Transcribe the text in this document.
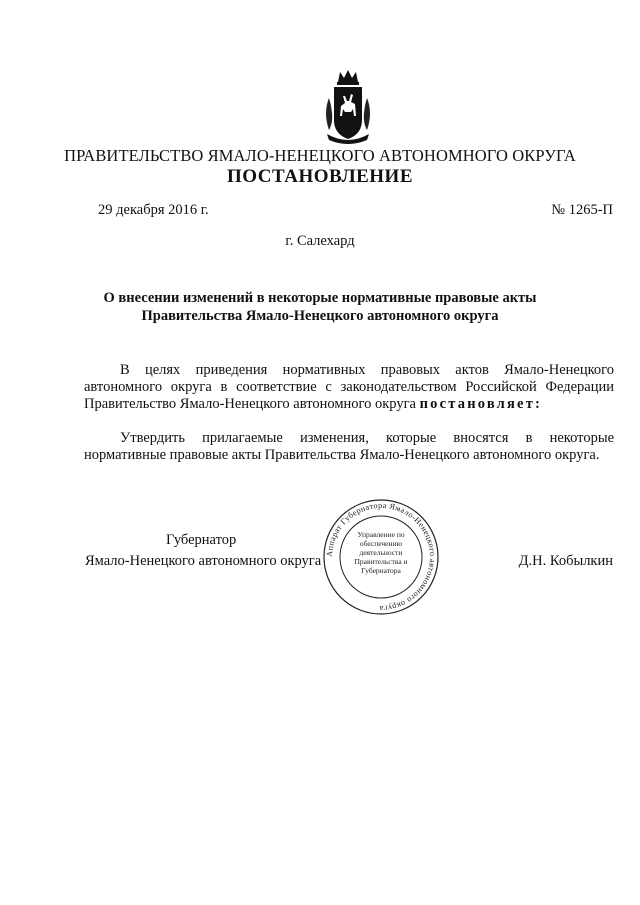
ПРАВИТЕЛЬСТВО ЯМАЛО-НЕНЕЦКОГО АВТОНОМНОГО ОКРУГА
ПОСТАНОВЛЕНИЕ
29 декабря 2016 г.	№ 1265-П
г. Салехард
О внесении изменений в некоторые нормативные правовые акты
Правительства Ямало-Ненецкого автономного округа
В целях приведения нормативных правовых актов Ямало-Ненецкого автономного округа в соответствие с законодательством Российской Федерации Правительство Ямало-Ненецкого автономного округа постановляет:
Утвердить прилагаемые изменения, которые вносятся в некоторые нормативные правовые акты Правительства Ямало-Ненецкого автономного округа.
Губернатор
Ямало-Ненецкого автономного округа	Д.Н. Кобылкин
Аппарат Губернатора Ямало-Ненецкого автономного округа
Управление по обеспечению деятельности Правительства и Губернатора
